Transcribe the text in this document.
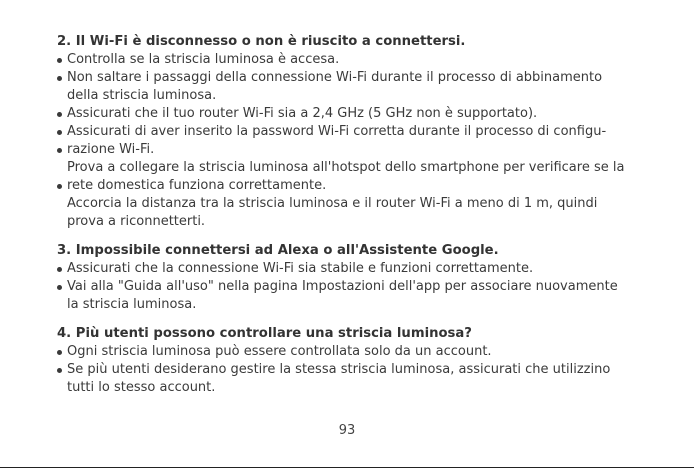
2. Il Wi-Fi è disconnesso o non è riuscito a connettersi.
Controlla se la striscia luminosa è accesa.
Non saltare i passaggi della connessione Wi-Fi durante il processo di abbinamento
della striscia luminosa.
Assicurati che il tuo router Wi-Fi sia a 2,4 GHz (5 GHz non è supportato).
Assicurati di aver inserito la password Wi-Fi corretta durante il processo di configu-
razione Wi-Fi.
Prova a collegare la striscia luminosa all'hotspot dello smartphone per verificare se la
rete domestica funziona correttamente.
Accorcia la distanza tra la striscia luminosa e il router Wi-Fi a meno di 1 m, quindi
prova a riconnetterti.
3. Impossibile connettersi ad Alexa o all'Assistente Google.
Assicurati che la connessione Wi-Fi sia stabile e funzioni correttamente.
Vai alla "Guida all'uso" nella pagina Impostazioni dell'app per associare nuovamente
la striscia luminosa.
4. Più utenti possono controllare una striscia luminosa?
Ogni striscia luminosa può essere controllata solo da un account.
Se più utenti desiderano gestire la stessa striscia luminosa, assicurati che utilizzino
tutti lo stesso account.
93
